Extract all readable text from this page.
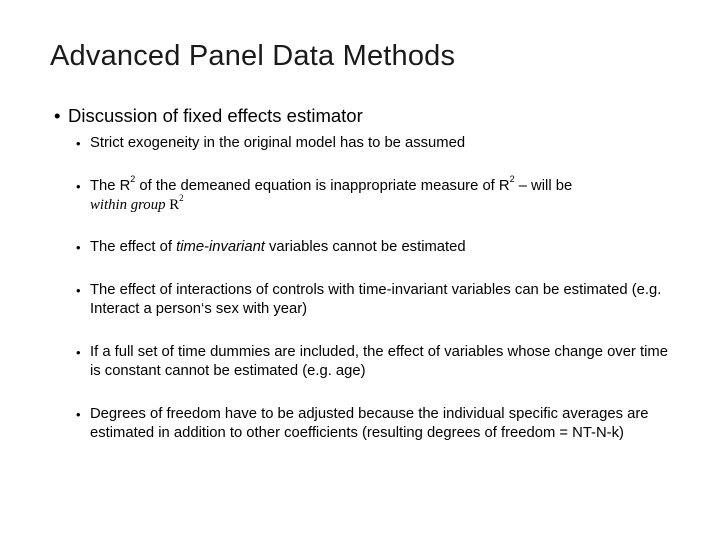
Advanced Panel Data Methods
• Discussion of fixed effects estimator
• Strict exogeneity in the original model has to be assumed
• The $R^2$ of the demeaned equation is inappropriate measure of $R^2$ – will be
within group $R^2$
• The effect of time-invariant variables cannot be estimated
• The effect of interactions of controls with time-invariant variables can be estimated (e.g. Interact a person‘s sex with year)
• If a full set of time dummies are included, the effect of variables whose change over time is constant cannot be estimated (e.g. age)
• Degrees of freedom have to be adjusted because the individual specific averages are estimated in addition to other coefficients (resulting degrees of freedom = NT-N-k)
